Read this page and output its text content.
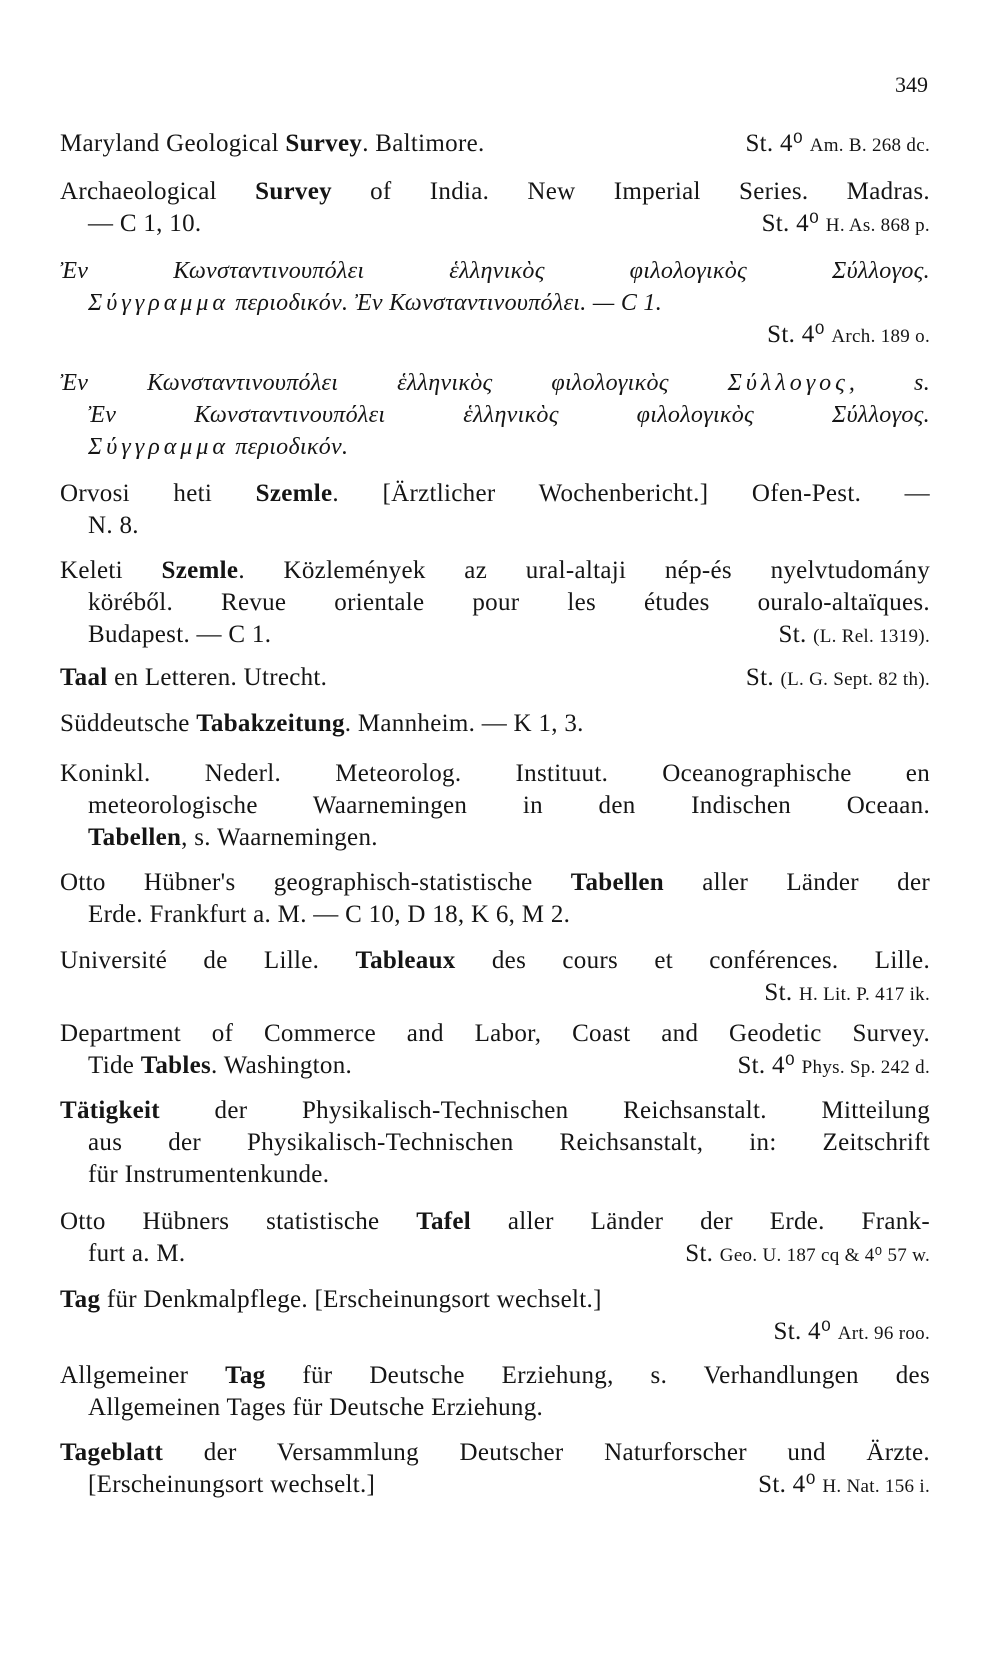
349
Maryland Geological Survey. Baltimore.	St. 4⁰ Am. B. 268 dc.
Archaeological Survey of India. New Imperial Series. Madras.
— C 1, 10.	St. 4⁰ H. As. 868 p.
Ἐν Κωνσταντινουπόλει ἑλληνικὸς φιλολογικὸς Σύλλογος.
Σύγγραμμα περιοδικόν. Ἐν Κωνσταντινουπόλει. — C 1.
St. 4⁰ Arch. 189 o.
Ἐν Κωνσταντινουπόλει ἑλληνικὸς φιλολογικὸς Σύλλογος, s.
Ἐν Κωνσταντινουπόλει ἑλληνικὸς φιλολογικὸς Σύλλογος.
Σύγγραμμα περιοδικόν.
Orvosi heti Szemle. [Ärztlicher Wochenbericht.] Ofen-Pest. —
N. 8.
Keleti Szemle. Közlemények az ural-altaji nép-és nyelvtudomány
köréből. Revue orientale pour les études ouralo-altaïques.
Budapest. — C 1.	St. (L. Rel. 1319).
Taal en Letteren. Utrecht.	St. (L. G. Sept. 82 th).
Süddeutsche Tabakzeitung. Mannheim. — K 1, 3.
Koninkl. Nederl. Meteorolog. Instituut. Oceanographische en
meteorologische Waarnemingen in den Indischen Oceaan.
Tabellen, s. Waarnemingen.
Otto Hübner's geographisch-statistische Tabellen aller Länder der
Erde. Frankfurt a. M. — C 10, D 18, K 6, M 2.
Université de Lille. Tableaux des cours et conférences. Lille.
St. H. Lit. P. 417 ik.
Department of Commerce and Labor, Coast and Geodetic Survey.
Tide Tables. Washington.	St. 4⁰ Phys. Sp. 242 d.
Tätigkeit der Physikalisch-Technischen Reichsanstalt. Mitteilung
aus der Physikalisch-Technischen Reichsanstalt, in: Zeitschrift
für Instrumentenkunde.
Otto Hübners statistische Tafel aller Länder der Erde. Frank-
furt a. M.	St. Geo. U. 187 cq & 4⁰ 57 w.
Tag für Denkmalpflege. [Erscheinungsort wechselt.]
St. 4⁰ Art. 96 roo.
Allgemeiner Tag für Deutsche Erziehung, s. Verhandlungen des
Allgemeinen Tages für Deutsche Erziehung.
Tageblatt der Versammlung Deutscher Naturforscher und Ärzte.
[Erscheinungsort wechselt.]	St. 4⁰ H. Nat. 156 i.
